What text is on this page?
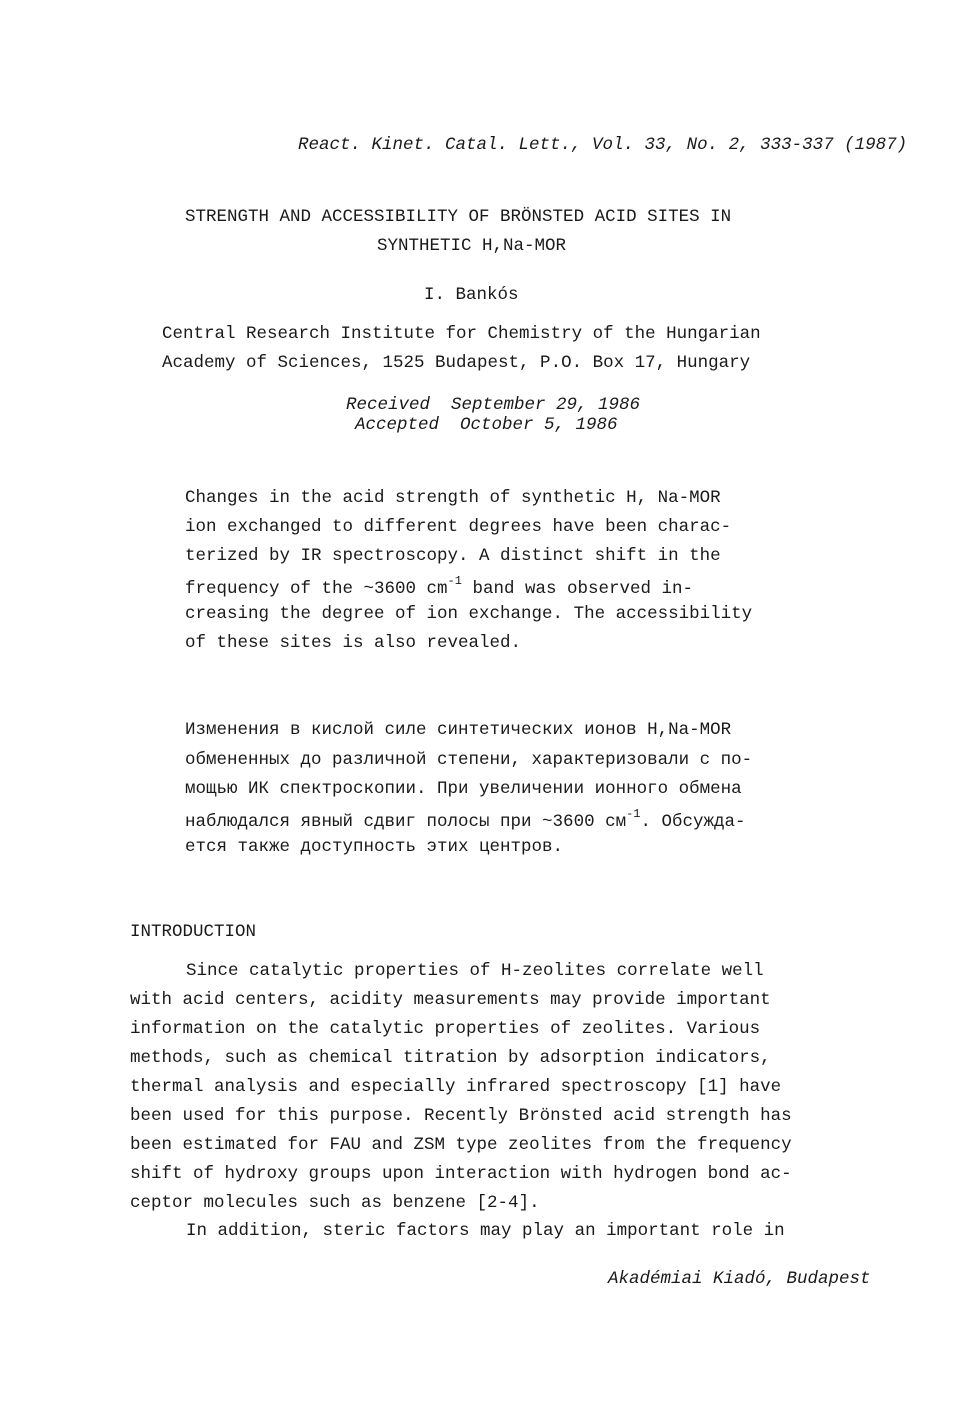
React. Kinet. Catal. Lett., Vol. 33, No. 2, 333-337 (1987)
STRENGTH AND ACCESSIBILITY OF BRÖNSTED ACID SITES IN
SYNTHETIC H,Na-MOR
I. Bankós
Central Research Institute for Chemistry of the Hungarian
Academy of Sciences, 1525 Budapest, P.O. Box 17, Hungary
Received  September 29, 1986
Accepted  October 5, 1986
Changes in the acid strength of synthetic H, Na-MOR
ion exchanged to different degrees have been charac-
terized by IR spectroscopy. A distinct shift in the
frequency of the ~3600 $cm^{-1}$ band was observed in-
creasing the degree of ion exchange. The accessibility
of these sites is also revealed.
Изменения в кислой силе синтетических ионов H,Na-MOR
обмененных до различной степени, характеризовали с по-
мощью ИК спектроскопии. При увеличении ионного обмена
наблюдался явный сдвиг полосы при ~3600 $см^{-1}$. Обсужда-
ется также доступность этих центров.
INTRODUCTION
Since catalytic properties of H-zeolites correlate well
with acid centers, acidity measurements may provide important
information on the catalytic properties of zeolites. Various
methods, such as chemical titration by adsorption indicators,
thermal analysis and especially infrared spectroscopy [1] have
been used for this purpose. Recently Brönsted acid strength has
been estimated for FAU and ZSM type zeolites from the frequency
shift of hydroxy groups upon interaction with hydrogen bond ac-
ceptor molecules such as benzene [2-4].
In addition, steric factors may play an important role in
Akadémiai Kiadó, Budapest
